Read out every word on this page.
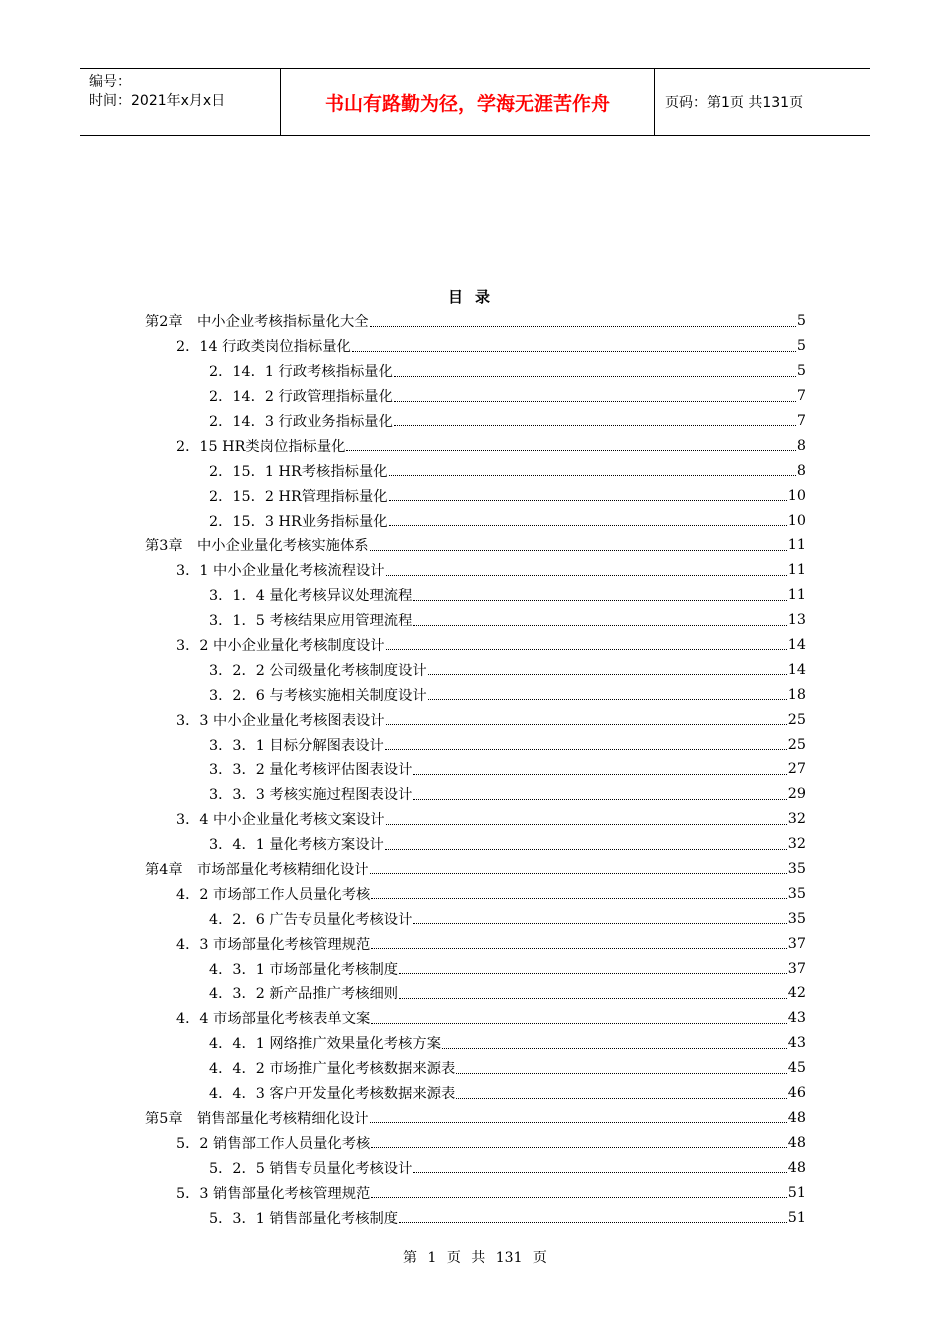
编号：
时间：2021年x月x日	书山有路勤为径，学海无涯苦作舟	页码：第1页 共131页
目录
第2章　中小企业考核指标量化大全	5
2．14 行政类岗位指标量化	5
2．14．1 行政考核指标量化	5
2．14．2 行政管理指标量化	7
2．14．3 行政业务指标量化	7
2．15 HR类岗位指标量化	8
2．15．1 HR考核指标量化	8
2．15．2 HR管理指标量化	10
2．15．3 HR业务指标量化	10
第3章　中小企业量化考核实施体系	11
3．1 中小企业量化考核流程设计	11
3．1．4 量化考核异议处理流程	11
3．1．5 考核结果应用管理流程	13
3．2 中小企业量化考核制度设计	14
3．2．2 公司级量化考核制度设计	14
3．2．6 与考核实施相关制度设计	18
3．3 中小企业量化考核图表设计	25
3．3．1 目标分解图表设计	25
3．3．2 量化考核评估图表设计	27
3．3．3 考核实施过程图表设计	29
3．4 中小企业量化考核文案设计	32
3．4．1 量化考核方案设计	32
第4章　市场部量化考核精细化设计	35
4．2 市场部工作人员量化考核	35
4．2．6 广告专员量化考核设计	35
4．3 市场部量化考核管理规范	37
4．3．1 市场部量化考核制度	37
4．3．2 新产品推广考核细则	42
4．4 市场部量化考核表单文案	43
4．4．1 网络推广效果量化考核方案	43
4．4．2 市场推广量化考核数据来源表	45
4．4．3 客户开发量化考核数据来源表	46
第5章　销售部量化考核精细化设计	48
5．2 销售部工作人员量化考核	48
5．2．5 销售专员量化考核设计	48
5．3 销售部量化考核管理规范	51
5．3．1 销售部量化考核制度	51
第 1 页 共 131 页
